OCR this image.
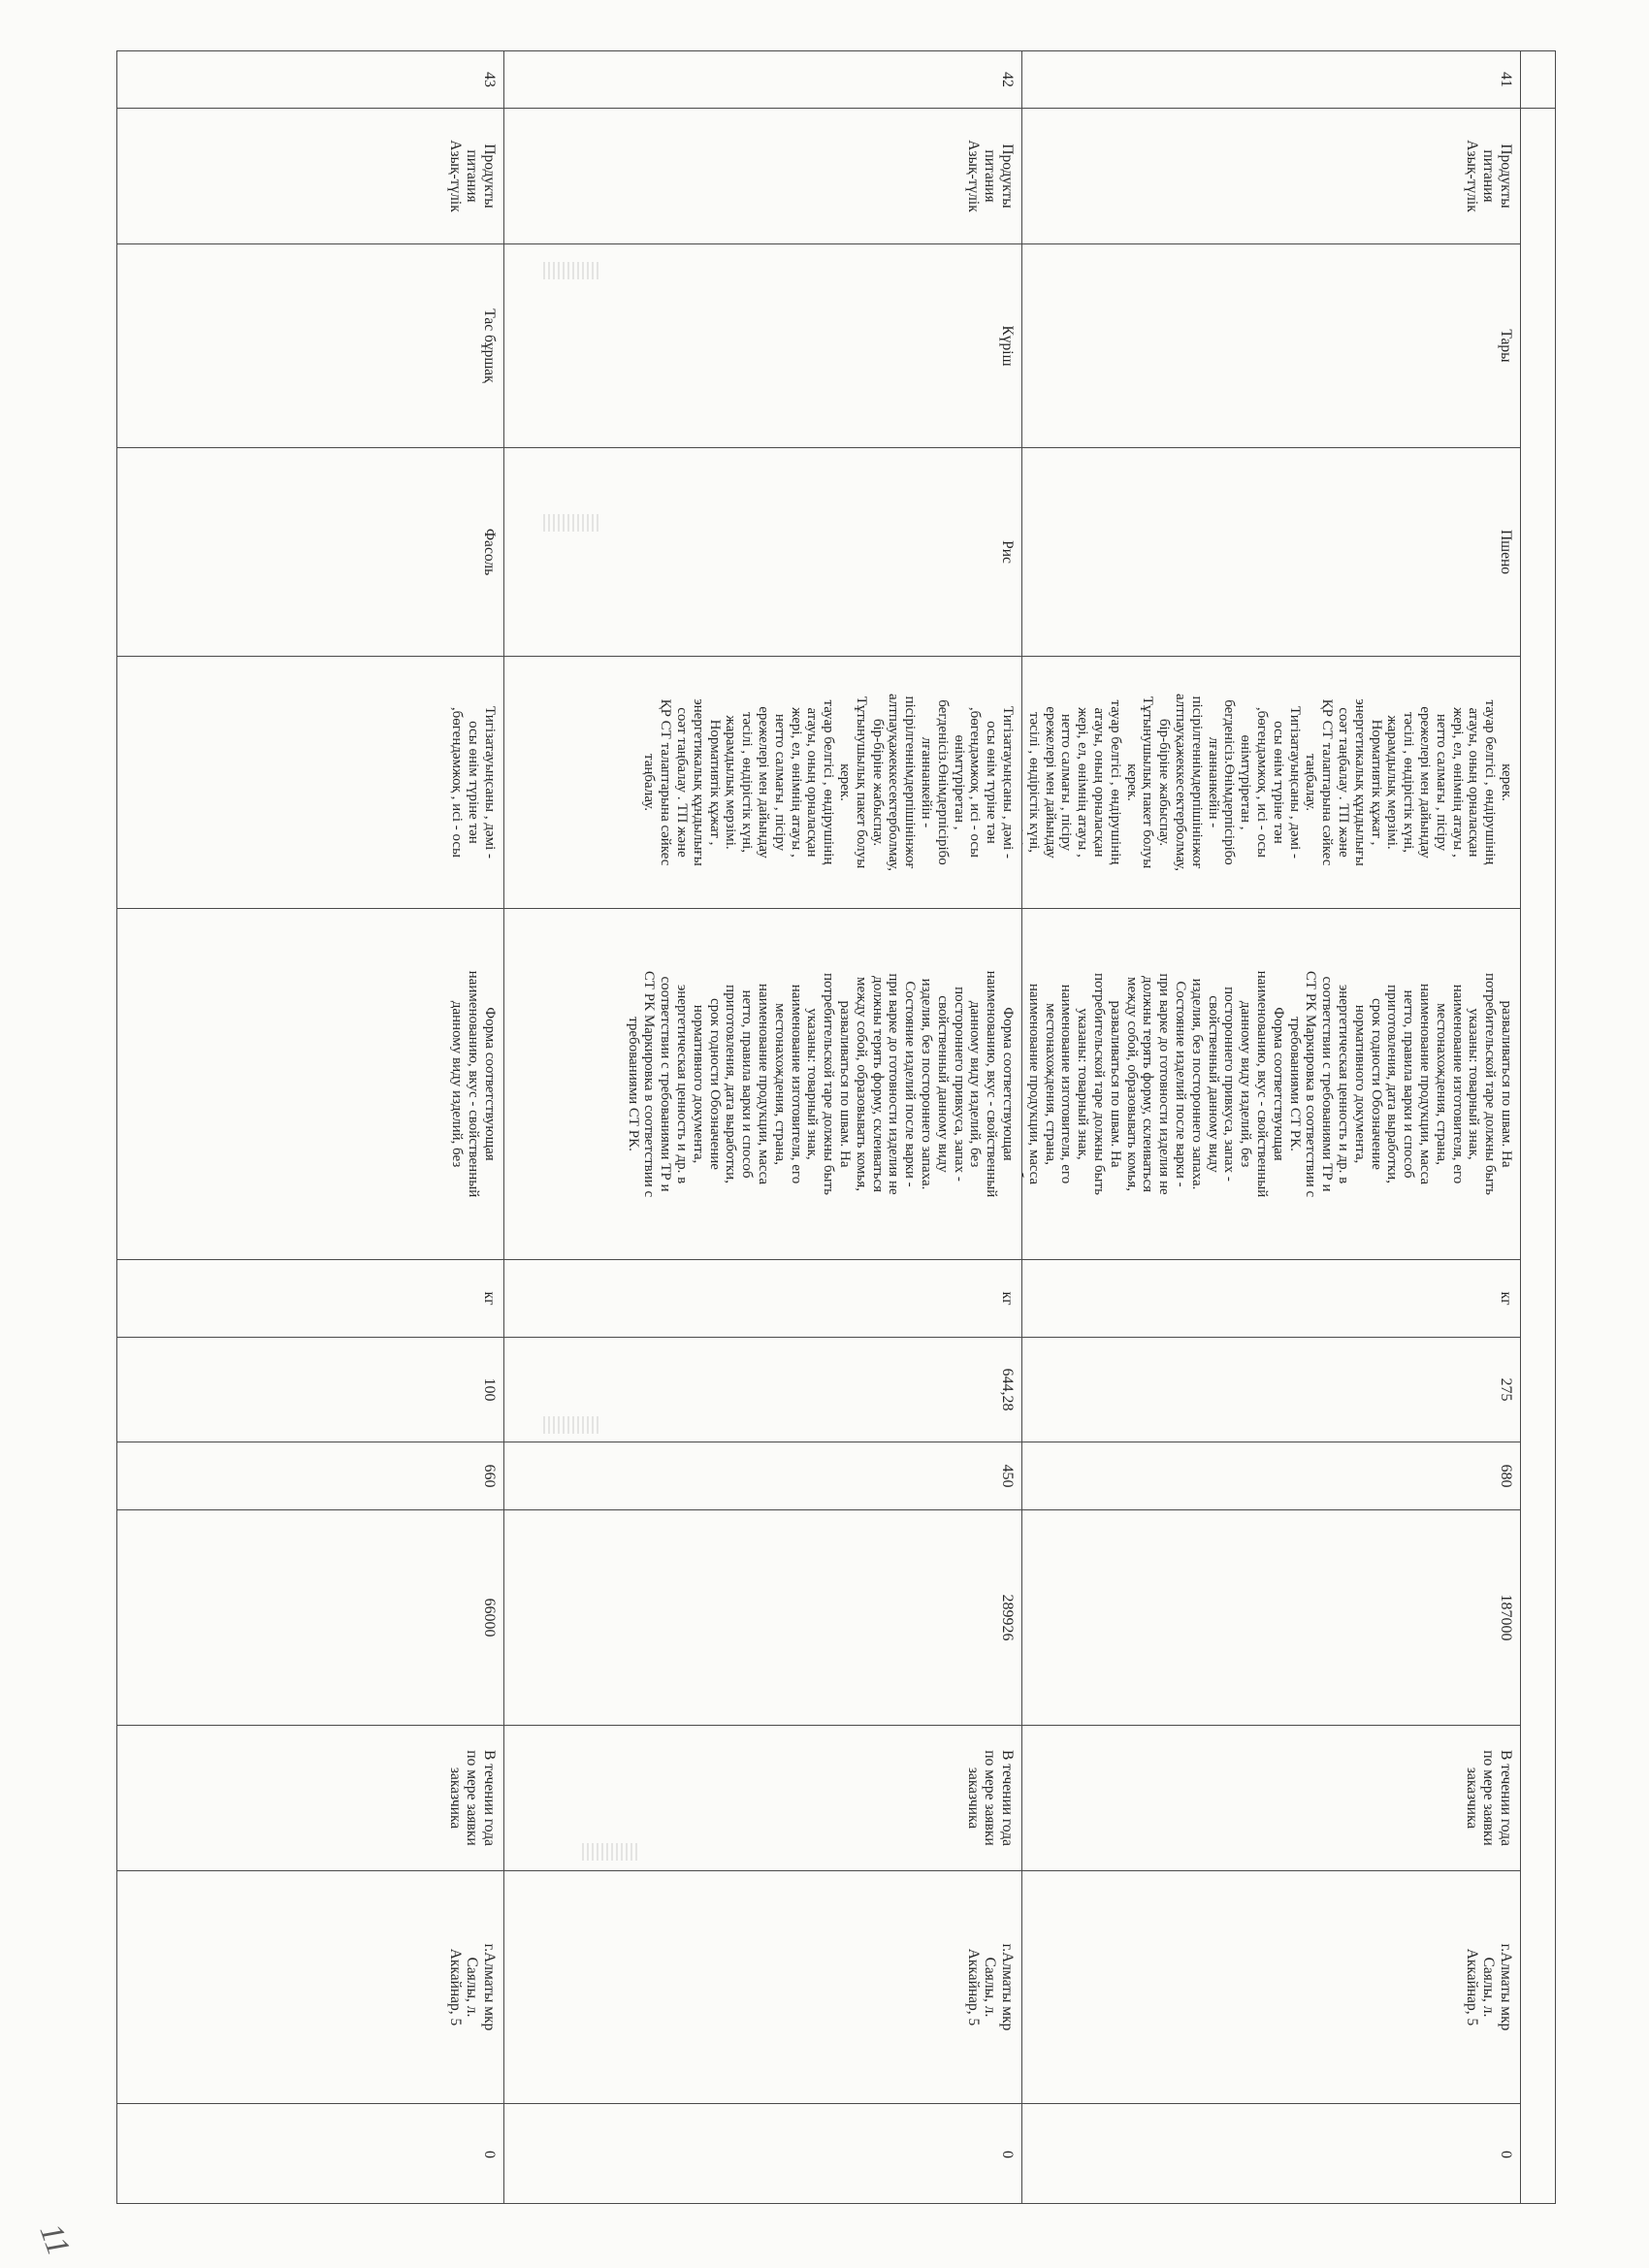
41
Продукты
питания
Азық-түлік
Тары
Пшено
керек.
тауар белгісі , өндірушінің
атауы, оның орналасқан
жері, ел, өнімнің атауы ,
нетто салмағы , пісіру
ережелері мен дайындау
тәсілі , өндірістік күні,
жарамдылық мерзімі.
Нормативтік құжат ,
энергетикалық құндылығы
соәт таңбалау . ТП және
ҚР СТ талаптарына сәйкес
таңбалау.
Тигізатауыңсаны , дәмі -
осы өнім түріне тән
,бөгендәмжоқ , исі - осы
өнімтүріретан ,
бегденісіз.Өнімдерпісірібо
лғаннанкейін -
пісірілгеннімдерпішінінжоғ
алтпауқажеккесектерболмау,
бір-біріне жабыспау.
Тұтынушылық пакет болуы
керек.
тауар белгісі , өндірушінің
атауы, оның орналасқан
жері, ел, өнімнің атауы ,
нетто салмағы , пісіру
ережелері мен дайындау
тәсілі , өндірістік күні,
жарамдылық мерзімі.

разваливаться по швам. На
потребительской таре должны быть
указаны: товарный знак,
наименование изготовителя, его
местонахождения, страна,
наименование продукции, масса
нетто, правила варки и способ
приготовления, дата выработки,
срок годности Обозначение
нормативного документа,
энергетическая ценность и др. в
соответствии с требованиями ТР и
СТ РК Маркировка в соответствии с
требованиями СТ РК.
Форма соответствующая
наименованию, вкус - свойственный
данному виду изделий, без
постороннего привкуса, запах -
свойственный данному виду
изделия, без постороннего запаха.
Состояние изделий после варки -
при варке до готовности изделия не
должны терять форму, склеиваться
между собой, образовывать комья,
разваливаться по швам. На
потребительской таре должны быть
указаны: товарный знак,
наименование изготовителя, его
местонахождения, страна,
наименование продукции, масса
нетто, правила варки способ

кг
275
680
187000
В течении года
по мере заявки
заказчика
г.Алматы мкр
Саялы, л.
Аккайнар, 5
0
42
Продукты
питания
Азық-түлік
Күріш
Рис
Тигізатауыңсаны , дәмі -
осы өнім түріне тән
,бөгендәмжоқ , исі - осы
өнімтүріретан ,
бегденісіз.Өнімдерпісірібо
лғаннанкейін -
пісірілгеннімдерпішінінжоғ
алтпауқажеккесектерболмау,
бір-біріне жабыспау.
Тұтынушылық пакет болуы
керек.
тауар белгісі , өндірушінің
атауы, оның орналасқан
жері, ел, өнімнің атауы ,
нетто салмағы , пісіру
ережелері мен дайындау
тәсілі , өндірістік күні,
жарамдылық мерзімі.
Нормативтік құжат ,
энергетикалық құндылығы
соәт таңбалау . ТП және
ҚР СТ талаптарына сәйкес
таңбалау.
Форма соответствующая
наименованию, вкус - свойственный
данному виду изделий, без
постороннего привкуса, запах -
свойственный данному виду
изделия, без постороннего запаха.
Состояние изделий после варки -
при варке до готовности изделия не
должны терять форму, склеиваться
между собой, образовывать комья,
разваливаться по швам. На
потребительской таре должны быть
указаны: товарный знак,
наименование изготовителя, его
местонахождения, страна,
наименование продукции, масса
нетто, правила варки и способ
приготовления, дата выработки,
срок годности Обозначение
нормативного документа,
энергетическая ценность и др. в
соответствии с требованиями ТР и
СТ РК Маркировка в соответствии с
требованиями СТ РК.
кг
644,28
450
289926
В течении года
по мере заявки
заказчика
г.Алматы мкр
Саялы, л.
Аккайнар, 5
0
43
Продукты
питания
Азық-түлік
Тас бұршақ
Фасоль
Тигізатауыңсаны , дәмі -
осы өнім түріне тән
,бөгендәмжоқ , исі - осы
Форма соответствующая
наименованию, вкус - свойственный
данному виду изделий, без
кг
100
660
66000
В течении года
по мере заявки
заказчика
г.Алматы мкр
Саялы, л.
Аккайнар, 5
0
11
